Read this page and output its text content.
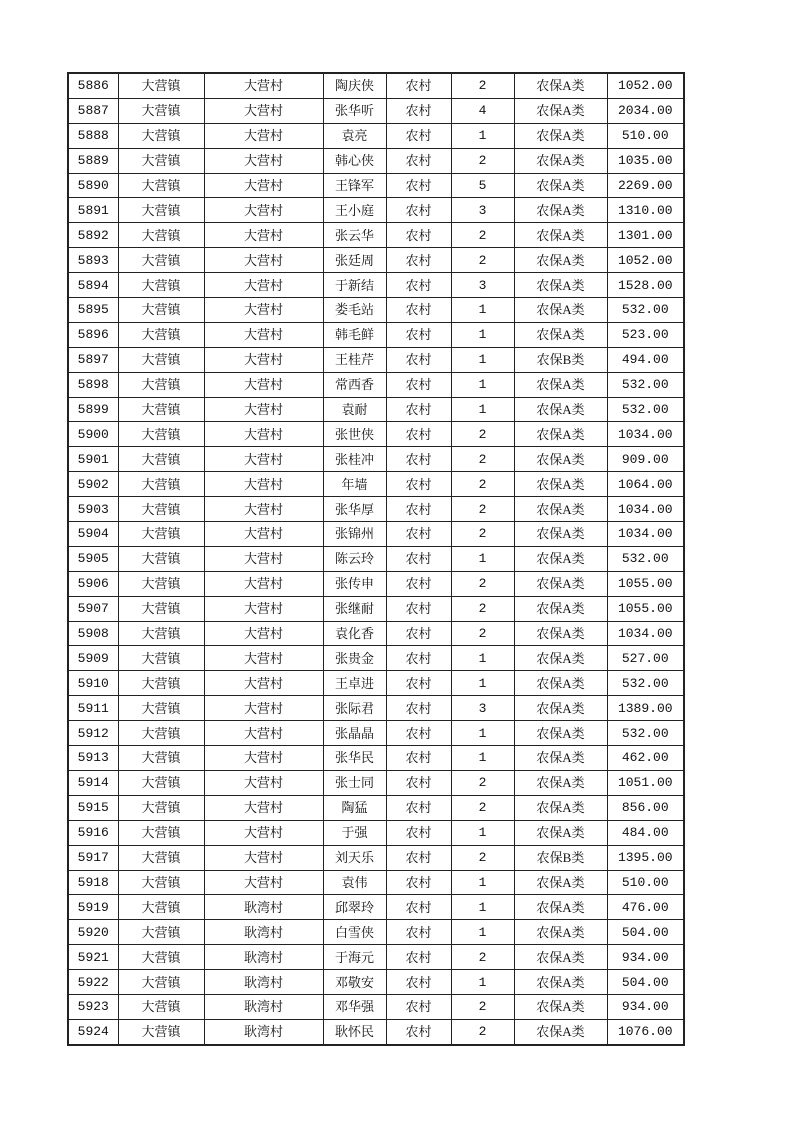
5886	大营镇	大营村	陶庆侠	农村	2	农保A类	1052.00
5887	大营镇	大营村	张华听	农村	4	农保A类	2034.00
5888	大营镇	大营村	袁亮	农村	1	农保A类	510.00
5889	大营镇	大营村	韩心侠	农村	2	农保A类	1035.00
5890	大营镇	大营村	王锋军	农村	5	农保A类	2269.00
5891	大营镇	大营村	王小庭	农村	3	农保A类	1310.00
5892	大营镇	大营村	张云华	农村	2	农保A类	1301.00
5893	大营镇	大营村	张廷周	农村	2	农保A类	1052.00
5894	大营镇	大营村	于新结	农村	3	农保A类	1528.00
5895	大营镇	大营村	娄毛站	农村	1	农保A类	532.00
5896	大营镇	大营村	韩毛鲜	农村	1	农保A类	523.00
5897	大营镇	大营村	王桂芹	农村	1	农保B类	494.00
5898	大营镇	大营村	常西香	农村	1	农保A类	532.00
5899	大营镇	大营村	袁耐	农村	1	农保A类	532.00
5900	大营镇	大营村	张世侠	农村	2	农保A类	1034.00
5901	大营镇	大营村	张桂冲	农村	2	农保A类	909.00
5902	大营镇	大营村	年墙	农村	2	农保A类	1064.00
5903	大营镇	大营村	张华厚	农村	2	农保A类	1034.00
5904	大营镇	大营村	张锦州	农村	2	农保A类	1034.00
5905	大营镇	大营村	陈云玲	农村	1	农保A类	532.00
5906	大营镇	大营村	张传申	农村	2	农保A类	1055.00
5907	大营镇	大营村	张继耐	农村	2	农保A类	1055.00
5908	大营镇	大营村	袁化香	农村	2	农保A类	1034.00
5909	大营镇	大营村	张贵金	农村	1	农保A类	527.00
5910	大营镇	大营村	王卓进	农村	1	农保A类	532.00
5911	大营镇	大营村	张际君	农村	3	农保A类	1389.00
5912	大营镇	大营村	张晶晶	农村	1	农保A类	532.00
5913	大营镇	大营村	张华民	农村	1	农保A类	462.00
5914	大营镇	大营村	张士同	农村	2	农保A类	1051.00
5915	大营镇	大营村	陶猛	农村	2	农保A类	856.00
5916	大营镇	大营村	于强	农村	1	农保A类	484.00
5917	大营镇	大营村	刘天乐	农村	2	农保B类	1395.00
5918	大营镇	大营村	袁伟	农村	1	农保A类	510.00
5919	大营镇	耿湾村	邱翠玲	农村	1	农保A类	476.00
5920	大营镇	耿湾村	白雪侠	农村	1	农保A类	504.00
5921	大营镇	耿湾村	于海元	农村	2	农保A类	934.00
5922	大营镇	耿湾村	邓敬安	农村	1	农保A类	504.00
5923	大营镇	耿湾村	邓华强	农村	2	农保A类	934.00
5924	大营镇	耿湾村	耿怀民	农村	2	农保A类	1076.00
